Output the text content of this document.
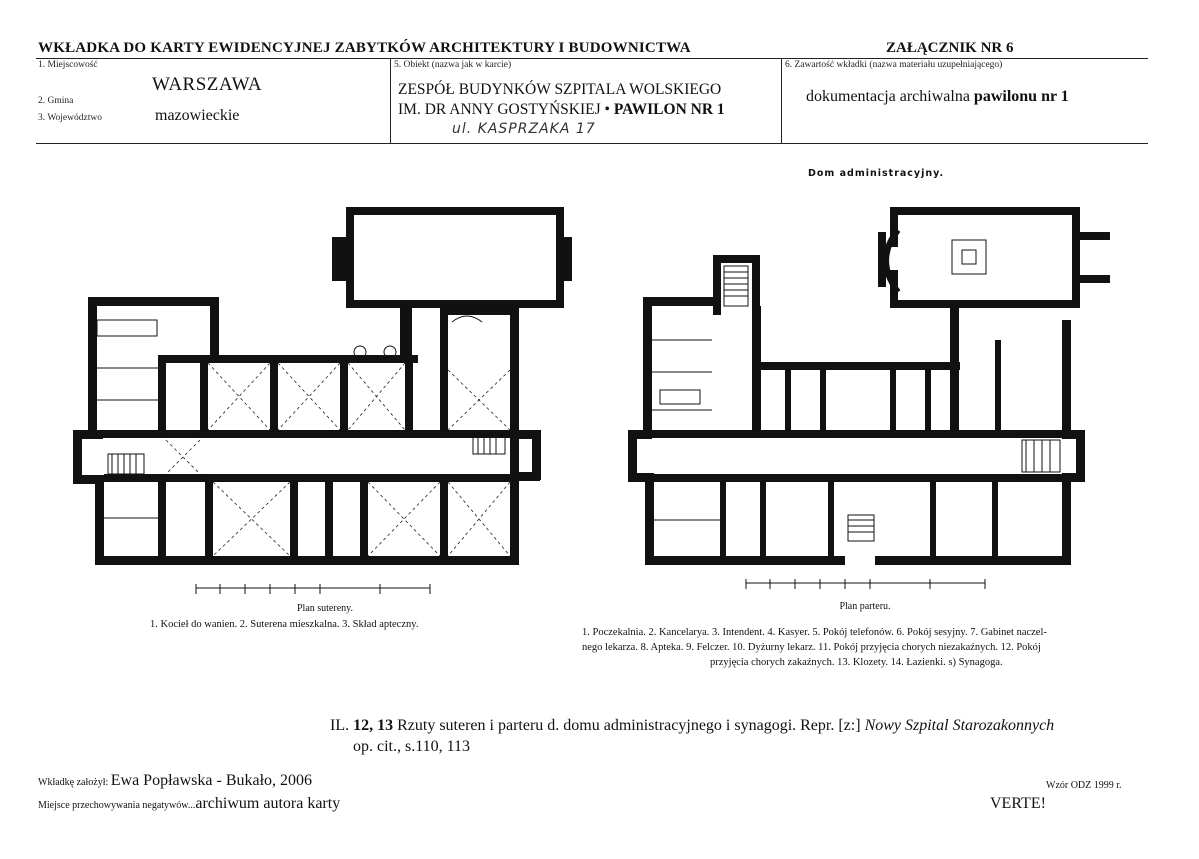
WKŁADKA DO KARTY EWIDENCYJNEJ ZABYTKÓW ARCHITEKTURY I BUDOWNICTWA	ZAŁĄCZNIK NR 6
1. Miejscowość
WARSZAWA
2. Gmina
3. Województwo	mazowieckie
5. Obiekt (nazwa jak w karcie)
ZESPÓŁ BUDYNKÓW SZPITALA WOLSKIEGO
IM. DR ANNY GOSTYŃSKIEJ • PAWILON NR 1
ul. KASPRZAKA 17
6. Zawartość wkładki (nazwa materiału uzupełniającego)
dokumentacja archiwalna pawilonu nr 1
Dom administracyjny.
Plan sutereny.
1. Kocieł do wanien. 2. Suterena mieszkalna. 3. Skład apteczny.
Plan parteru.
1. Poczekalnia. 2. Kancelarya. 3. Intendent. 4. Kasyer. 5. Pokój telefonów. 6. Pokój sesyjny. 7. Gabinet naczel-
nego lekarza. 8. Apteka. 9. Felczer. 10. Dyżurny lekarz. 11. Pokój przyjęcia chorych niezakaźnych. 12. Pokój
przyjęcia chorych zakaźnych. 13. Klozety. 14. Łazienki. s) Synagoga.
IL. 12, 13 Rzuty suteren i parteru d. domu administracyjnego i synagogi. Repr. [z:] Nowy Szpital Starozakonnych
op. cit., s.110, 113
Wkładkę założył: Ewa Popławska - Bukało, 2006
Miejsce przechowywania negatywów...archiwum autora karty
Wzór ODZ 1999 r.
VERTE!
